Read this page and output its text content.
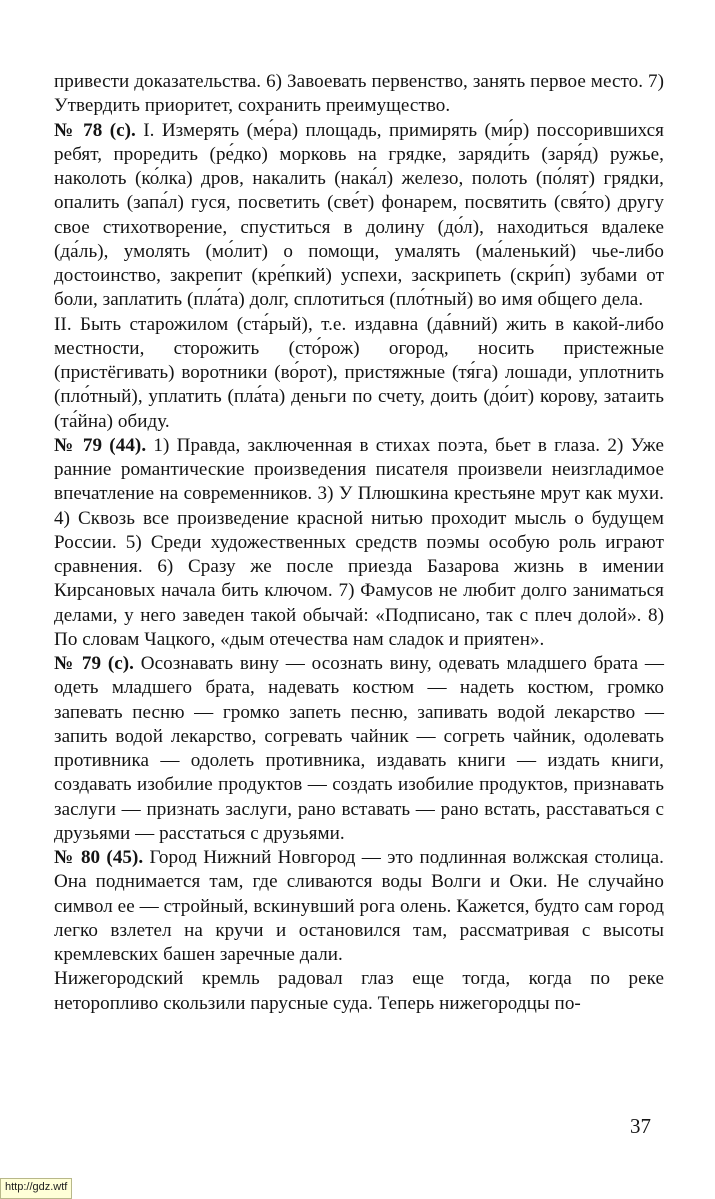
привести доказательства. 6) Завоевать первенство, занять первое место. 7) Утвердить приоритет, сохранить преимущество.

№ 78 (с). I. Измерять (ме́ра) площадь, примирять (ми́р) поссорившихся ребят, проредить (ре́дко) морковь на грядке, заряди́ть (заря́д) ружье, наколоть (ко́лка) дров, накалить (нака́л) железо, полоть (по́лят) грядки, опалить (запа́л) гуся, посветить (све́т) фонарем, посвятить (свя́то) другу свое стихотворение, спуститься в долину (до́л), находиться вдалеке (да́ль), умолять (мо́лит) о помощи, умалять (ма́ленький) чье-либо достоинство, закрепит (кре́пкий) успехи, заскрипеть (скри́п) зубами от боли, заплатить (пла́та) долг, сплотиться (пло́тный) во имя общего дела.

II. Быть старожилом (ста́рый), т.е. издавна (да́вний) жить в какой-либо местности, сторожить (сто́рож) огород, носить пристежные (пристёгивать) воротники (во́рот), пристяжные (тя́га) лошади, уплотнить (пло́тный), уплатить (пла́та) деньги по счету, доить (до́ит) корову, затаить (та́йна) обиду.

№ 79 (44). 1) Правда, заключенная в стихах поэта, бьет в глаза. 2) Уже ранние романтические произведения писателя произвели неизгладимое впечатление на современников. 3) У Плюшкина крестьяне мрут как мухи. 4) Сквозь все произведение красной нитью проходит мысль о будущем России. 5) Среди художественных средств поэмы особую роль играют сравнения. 6) Сразу же после приезда Базарова жизнь в имении Кирсановых начала бить ключом. 7) Фамусов не любит долго заниматься делами, у него заведен такой обычай: «Подписано, так с плеч долой». 8) По словам Чацкого, «дым отечества нам сладок и приятен».

№ 79 (с). Осознавать вину — осознать вину, одевать младшего брата — одеть младшего брата, надевать костюм — надеть костюм, громко запевать песню — громко запеть песню, запивать водой лекарство — запить водой лекарство, согревать чайник — согреть чайник, одолевать противника — одолеть противника, издавать книги — издать книги, создавать изобилие продуктов — создать изобилие продуктов, признавать заслуги — признать заслуги, рано вставать — рано встать, расставаться с друзьями — расстаться с друзьями.

№ 80 (45). Город Нижний Новгород — это подлинная волжская столица. Она поднимается там, где сливаются воды Волги и Оки. Не случайно символ ее — стройный, вскинувший рога олень. Кажется, будто сам город легко взлетел на кручи и остановился там, рассматривая с высоты кремлевских башен заречные дали.

Нижегородский кремль радовал глаз еще тогда, когда по реке неторопливо скользили парусные суда. Теперь нижегородцы по-

37
http://gdz.wtf
